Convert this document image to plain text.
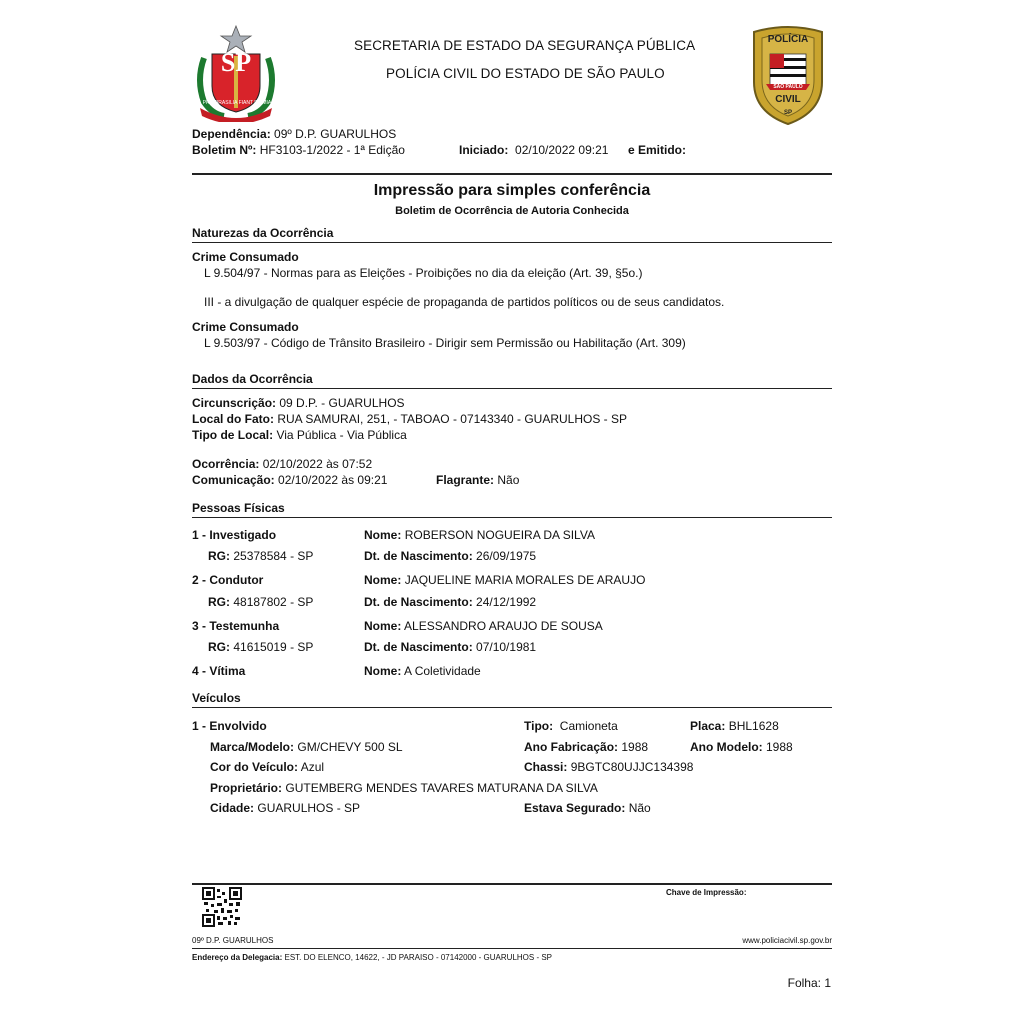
SP
PRO BRASILIA FIANT EXIMIA
SECRETARIA DE ESTADO DA SEGURANÇA PÚBLICA
POLÍCIA CIVIL DO ESTADO DE SÃO PAULO
POLÍCIA
SÃO PAULO
CIVIL
SP
Dependência: 09º D.P. GUARULHOS
Boletim Nº: HF3103-1/2022 - 1ª Edição	Iniciado: 02/10/2022 09:21 e Emitido:
Impressão para simples conferência
Boletim de Ocorrência de Autoria Conhecida
Naturezas da Ocorrência
Crime Consumado
L 9.504/97 - Normas para as Eleições - Proibições no dia da eleição (Art. 39, §5o.)
III - a divulgação de qualquer espécie de propaganda de partidos políticos ou de seus candidatos.
Crime Consumado
L 9.503/97 - Código de Trânsito Brasileiro - Dirigir sem Permissão ou Habilitação (Art. 309)
Dados da Ocorrência
Circunscrição: 09 D.P. - GUARULHOS
Local do Fato: RUA SAMURAI, 251, - TABOAO - 07143340 - GUARULHOS - SP
Tipo de Local: Via Pública - Via Pública
Ocorrência: 02/10/2022 às 07:52
Comunicação: 02/10/2022 às 09:21	Flagrante: Não
Pessoas Físicas
1 - Investigado	Nome: ROBERSON NOGUEIRA DA SILVA
RG: 25378584 - SP	Dt. de Nascimento: 26/09/1975
2 - Condutor	Nome: JAQUELINE MARIA MORALES DE ARAUJO
RG: 48187802 - SP	Dt. de Nascimento: 24/12/1992
3 - Testemunha	Nome: ALESSANDRO ARAUJO DE SOUSA
RG: 41615019 - SP	Dt. de Nascimento: 07/10/1981
4 - Vítima	Nome: A Coletividade
Veículos
1 - Envolvido	Tipo: Camioneta	Placa: BHL1628
Marca/Modelo: GM/CHEVY 500 SL	Ano Fabricação: 1988	Ano Modelo: 1988
Cor do Veículo: Azul	Chassi: 9BGTC80UJJC134398
Proprietário: GUTEMBERG MENDES TAVARES MATURANA DA SILVA
Cidade: GUARULHOS - SP	Estava Segurado: Não
Chave de Impressão:
09º D.P. GUARULHOS	www.policiacivil.sp.gov.br
Endereço da Delegacia: EST. DO ELENCO, 14622, - JD PARAISO - 07142000 - GUARULHOS - SP
Folha: 1
